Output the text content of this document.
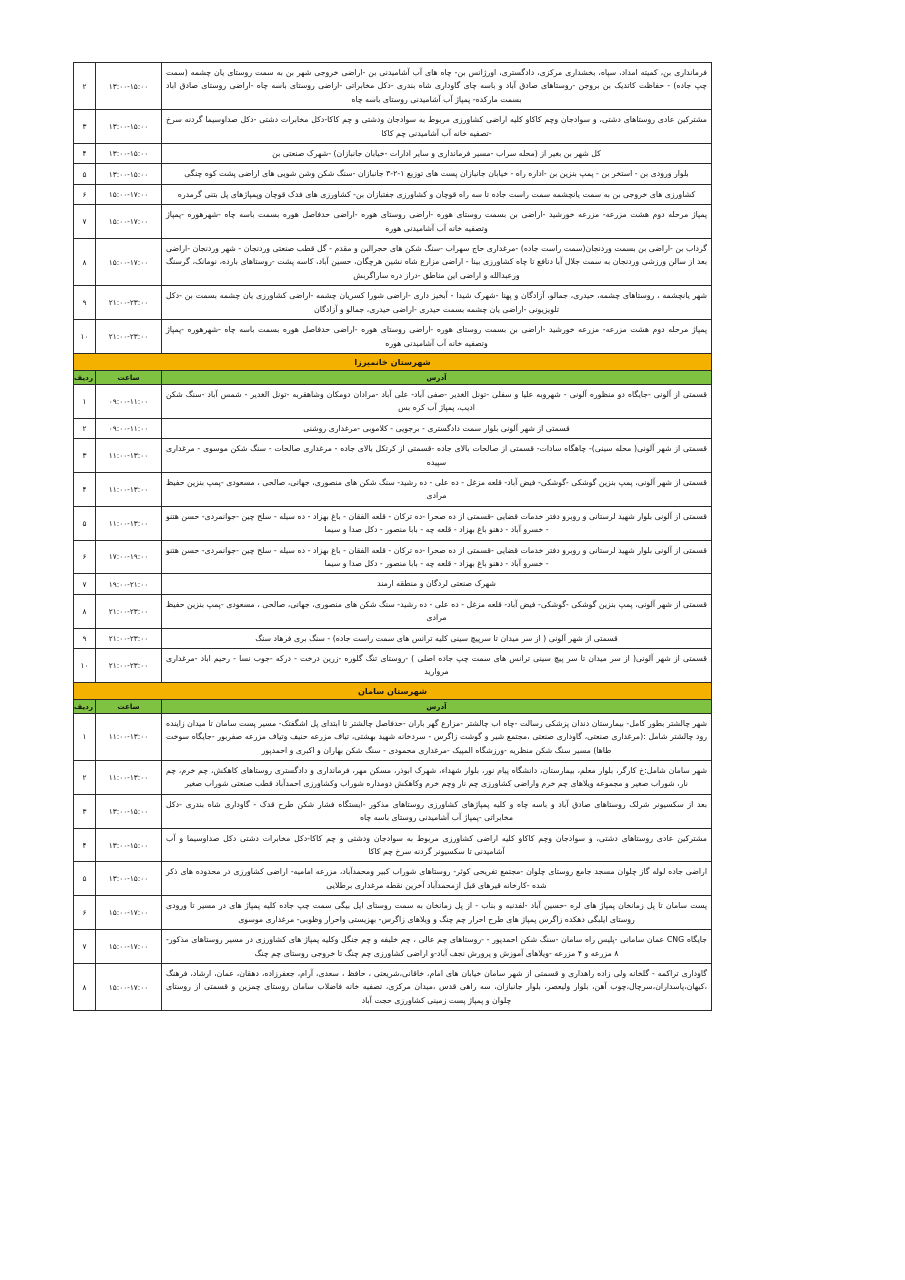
فرمانداری بن، کمیته امداد، سپاه، بخشداری مرکزی، دادگستری، اورژانس بن- چاه های آب آشامیدنی بن -اراضی خروجی شهر بن به سمت روستای یان چشمه (سمت چپ جاده) - حفاظت کاتدیک بن بروجن -روستاهای صادق آباد و باسه چای گاوداری شاه بندری -دکل مخابراتی -اراضی روستای باسه چاه -اراضی روستای صادق اباد بسمت مارکده- پمپاژ آب آشامیدنی روستای باسه چاه	۱۳:۰۰-۱۵:۰۰	۲
مشترکین عادی روستاهای دشتی، و سوادجان وچم کاکاو کلیه اراضی کشاورزی مربوط به سوادجان ودشتی و چم کاکا-دکل مخابرات دشتی -دکل صداوسیما گردنه سرخ -تصفیه خانه آب آشامیدنی چم کاکا	۱۳:۰۰-۱۵:۰۰	۳
کل شهر بن بغیر از (محله سراب -مسیر فرمانداری و سایر ادارات -خیابان جانبازان) -شهرک صنعتی بن	۱۳:۰۰-۱۵:۰۰	۴
بلوار ورودی بن - استخر بن - پمپ بنزین بن -اداره راه - خیابان جانبازان پست های توزیع ۱-۲-۳ جانبازان -سنگ شکن وشن شویی های اراضی پشت کوه چنگی	۱۳:۰۰-۱۵:۰۰	۵
کشاورزی های خروجی بن به سمت یانچشمه سمت راست جاده تا سه راه قوچان و کشاورزی جفتبازان بن- کشاورزی های فدک قوچان وپمپاژهای پل بتنی گرمدره	۱۵:۰۰-۱۷:۰۰	۶
پمپاژ مرحله دوم هشت مزرعه- مزرعه خورشید -اراضی بن بسمت روستای هوره -اراضی روستای هوره -اراضی حدفاصل هوره بسمت باسه چاه -شهرهوره -پمپاژ وتصفیه خانه آب آشامیدنی هوره	۱۵:۰۰-۱۷:۰۰	۷
گرداب بن -اراضی بن بسمت وردنجان(سمت راست جاده) -مرغداری حاج سهراب -سنگ شکن های حجرالبن و مقدم - گل قطب صنعتی وردنجان - شهر وردنجان -اراضی بعد از سالن ورزشی وردنجان به سمت جلال آبا دنافع تا چاه کشاورزی بینا - اراضی مزارع شاه نشین هرچگان، حسین آباد، کاسه پشت -روستاهای بارده، نومانک، گرسنگ ورعبدالله و اراضی این مناطق -دراز دره ساراگربش	۱۵:۰۰-۱۷:۰۰	۸
شهر یانچشمه ، روستاهای چشمه، حیدری، جمالو، آزادگان و پهنا -شهرک شیدا - آبخیز داری -اراضی شورا کسریان چشمه -اراضی کشاورزی یان چشمه بسمت بن -دکل تلویزیونی -اراضی یان چشمه بسمت حیدری -اراضی حیدری، جمالو و آزادگان	۲۱:۰۰-۲۳:۰۰	۹
پمپاژ مرحله دوم هشت مزرعه- مزرعه خورشید -اراضی بن بسمت روستای هوره -اراضی روستای هوره -اراضی حدفاصل هوره بسمت باسه چاه -شهرهوره -پمپاژ وتصفیه خانه آب آشامیدنی هوره	۲۱:۰۰-۲۳:۰۰	۱۰
شهرستان خانمیرزا		
آدرس	ساعت	ردیف
قسمتی از آلونی -جایگاه دو منظوره آلونی - شهروبه علیا و سفلی -تونل الغدیر -صفی آباد- علی آباد -مرادان دومکان وشاهقربه -تونل الغدیر - شمس آباد -سنگ شکن ادیب، پمپاژ آب کره بس	۰۹:۰۰-۱۱:۰۰	۱
قسمتی از شهر آلونی بلوار سمت دادگستری - برجویی - کلاموبی -مرغداری روشنی	۰۹:۰۰-۱۱:۰۰	۲
قسمتی از شهر آلونی( محله سینی)- چاهگاه سادات- قسمتی از صالحات بالای جاده -قسمتی از کرتکل بالای جاده - مرغداری صالحات - سنگ شکن موسوی - مرغداری سپیده	۱۱:۰۰-۱۳:۰۰	۳
قسمتی از شهر آلونی، پمپ بنزین گوشکی -گوشکی- فیض آباد- قلعه مزغل - ده علی - ده رشید- سنگ شکن های منصوری، جهانی، صالحی ، مسعودی -پمپ بنزین حفیظ مرادی	۱۱:۰۰-۱۳:۰۰	۴
قسمتی از آلونی بلوار شهید لرستانی و روبرو دفتر خدمات قضایی -قسمتی از ده صحرا -ده ترکان - قلعه الفقان - باغ بهزاد - ده سیله - سلح چین -جوانمردی- حسن هتنو - خسرو آباد - دهنو باغ بهزاد - قلعه چه - بابا منصور - دکل صدا و سیما	۱۱:۰۰-۱۳:۰۰	۵
قسمتی از آلونی بلوار شهید لرستانی و روبرو دفتر خدمات قضایی -قسمتی از ده صحرا -ده ترکان - قلعه الفقان - باغ بهزاد - ده سیله - سلح چین -جوانمردی- حسن هتنو - خسرو آباد - دهنو باغ بهزاد - قلعه چه - بابا منصور - دکل صدا و سیما	۱۷:۰۰-۱۹:۰۰	۶
شهرک صنعتی لردگان و منطقه ارمند	۱۹:۰۰-۲۱:۰۰	۷
قسمتی از شهر آلونی، پمپ بنزین گوشکی -گوشکی- فیض آباد- قلعه مزغل - ده علی - ده رشید- سنگ شکن های منصوری، جهانی، صالحی ، مسعودی -پمپ بنزین حفیظ مرادی	۲۱:۰۰-۲۳:۰۰	۸
قسمتی از شهر آلونی ( از سر میدان تا سرپیچ سینی کلیه ترانس های سمت راست جاده) - سنگ بری فرهاد سنگ	۲۱:۰۰-۲۳:۰۰	۹
قسمتی از شهر آلونی( از سر میدان تا سر پیچ سینی ترانس های سمت چپ جاده اصلی ) -روستای تنگ گلوره -زرین درخت - درکه -جوب نسا - رحیم اباد -مرغداری مروارید	۲۱:۰۰-۲۳:۰۰	۱۰
شهرستان سامان		
آدرس	ساعت	ردیف
شهر چالشتر بطور کامل- بیمارستان دندان پزشکی رسالت -چاه اب چالشتر -مزارع گهر باران -حدفاصل چالشتر تا ابتدای پل اشگفتک- مسیر پست سامان تا میدان زاینده رود چالشتر شامل :(مرغداری صنعتی، گاوداری صنعتی ،مجتمع شیر و گوشت زاگرس - سردخانه شهید بهشتی، تیاف مزرعه حنیف وتیاف مزرعه صفربور -جایگاه سوخت طاها) مسیر سنگ شکن منظریه -ورزشگاه المپیک -مرغداری محمودی - سنگ شکن بهاران و اکبری و احمدپور	۱۱:۰۰-۱۳:۰۰	۱
شهر سامان شامل:خ کارگر، بلوار معلم، بیمارستان، دانشگاه پیام نور، بلوار شهداء، شهرک ابوذر، مسکن مهر، فرمانداری و دادگستری روستاهای کاهکش، چم خرم، چم نار، شوراب صغیر و مجموعه ویلاهای چم خرم واراضی کشاورزی چم نار وچم خرم وکاهکش دومداره شوراب وکشاورزی احمدآباد قطب صنعتی شوراب صغیر	۱۱:۰۰-۱۳:۰۰	۲
بعد از سکسیونر شرلک روستاهای صادق آباد و باسه چاه و کلیه پمپاژهای کشاورزی روستاهای مذکور -ایستگاه فشار شکن طرح قدک - گاوداری شاه بندری -دکل مخابراتی -پمپاژ آب آشامیدنی روستای باسه چاه	۱۳:۰۰-۱۵:۰۰	۳
مشترکین عادی روستاهای دشتی، و سوادجان وچم کاکاو کلیه اراضی کشاورزی مربوط به سوادجان ودشتی و چم کاکا-دکل مخابرات دشتی دکل صداوسیما و آب آشامیدنی تا سکسیونر گردنه سرخ چم کاکا	۱۳:۰۰-۱۵:۰۰	۴
اراضی جاده لوله گاز چلوان مسجد جامع روستای چلوان -مجتمع تفریحی کوثر- روستاهای شوراب کبیر ومحمدآباد، مزرعه امامیه- اراضی کشاورزی در محدوده های ذکر شده -کارخانه قیرهای قبل ازمحمدآباد آخرین نقطه مرغداری برطلایی	۱۳:۰۰-۱۵:۰۰	۵
پست سامان تا پل زمانخان پمپاژ های لره -حسین آباد -لفدنبه و بناب - از پل زمانخان به سمت روستای ایل بیگی سمت چپ جاده کلیه پمپاژ های در مسیر تا ورودی روستای ایلبگی دهکده زاگرس پمپاژ های طرح احرار چم چنگ و ویلاهای زاگرس- بهزیستی واحرار وظوبی- مرغداری موسوی	۱۵:۰۰-۱۷:۰۰	۶
جایگاه CNG عمان سامانی -پلیس راه سامان -سنگ شکن احمدپور - -روستاهای چم عالی ، چم خلیفه و چم جنگل وکلیه پمپاژ های کشاورزی در مسیر روستاهای مذکور- ۸ مزرعه و ۴ مزرعه -ویلاهای آموزش و پرورش نجف آباد-و اراضی کشاورزی چم چنگ تا خروجی روستای چم چنگ	۱۵:۰۰-۱۷:۰۰	۷
گاوداری تراکمه - گلخانه ولی زاده راهداری و قسمتی از شهر سامان خیابان های امام، خاقانی،شریعتی ، حافظ ، سعدی، آرام، جعفرزاده، دهقان، عمان، ارشاد، فرهنگ ،کیهان،پاسداران،سرچال،چوب آهن، بلوار ولیعصر، بلوار جانبازان، سه راهی قدس ،میدان مرکزی، تصفیه خانه فاضلاب سامان روستای چمزین و قسمتی از روستای چلوان و پمپاژ پست زمینی کشاورزی حجت آباد	۱۵:۰۰-۱۷:۰۰	۸
